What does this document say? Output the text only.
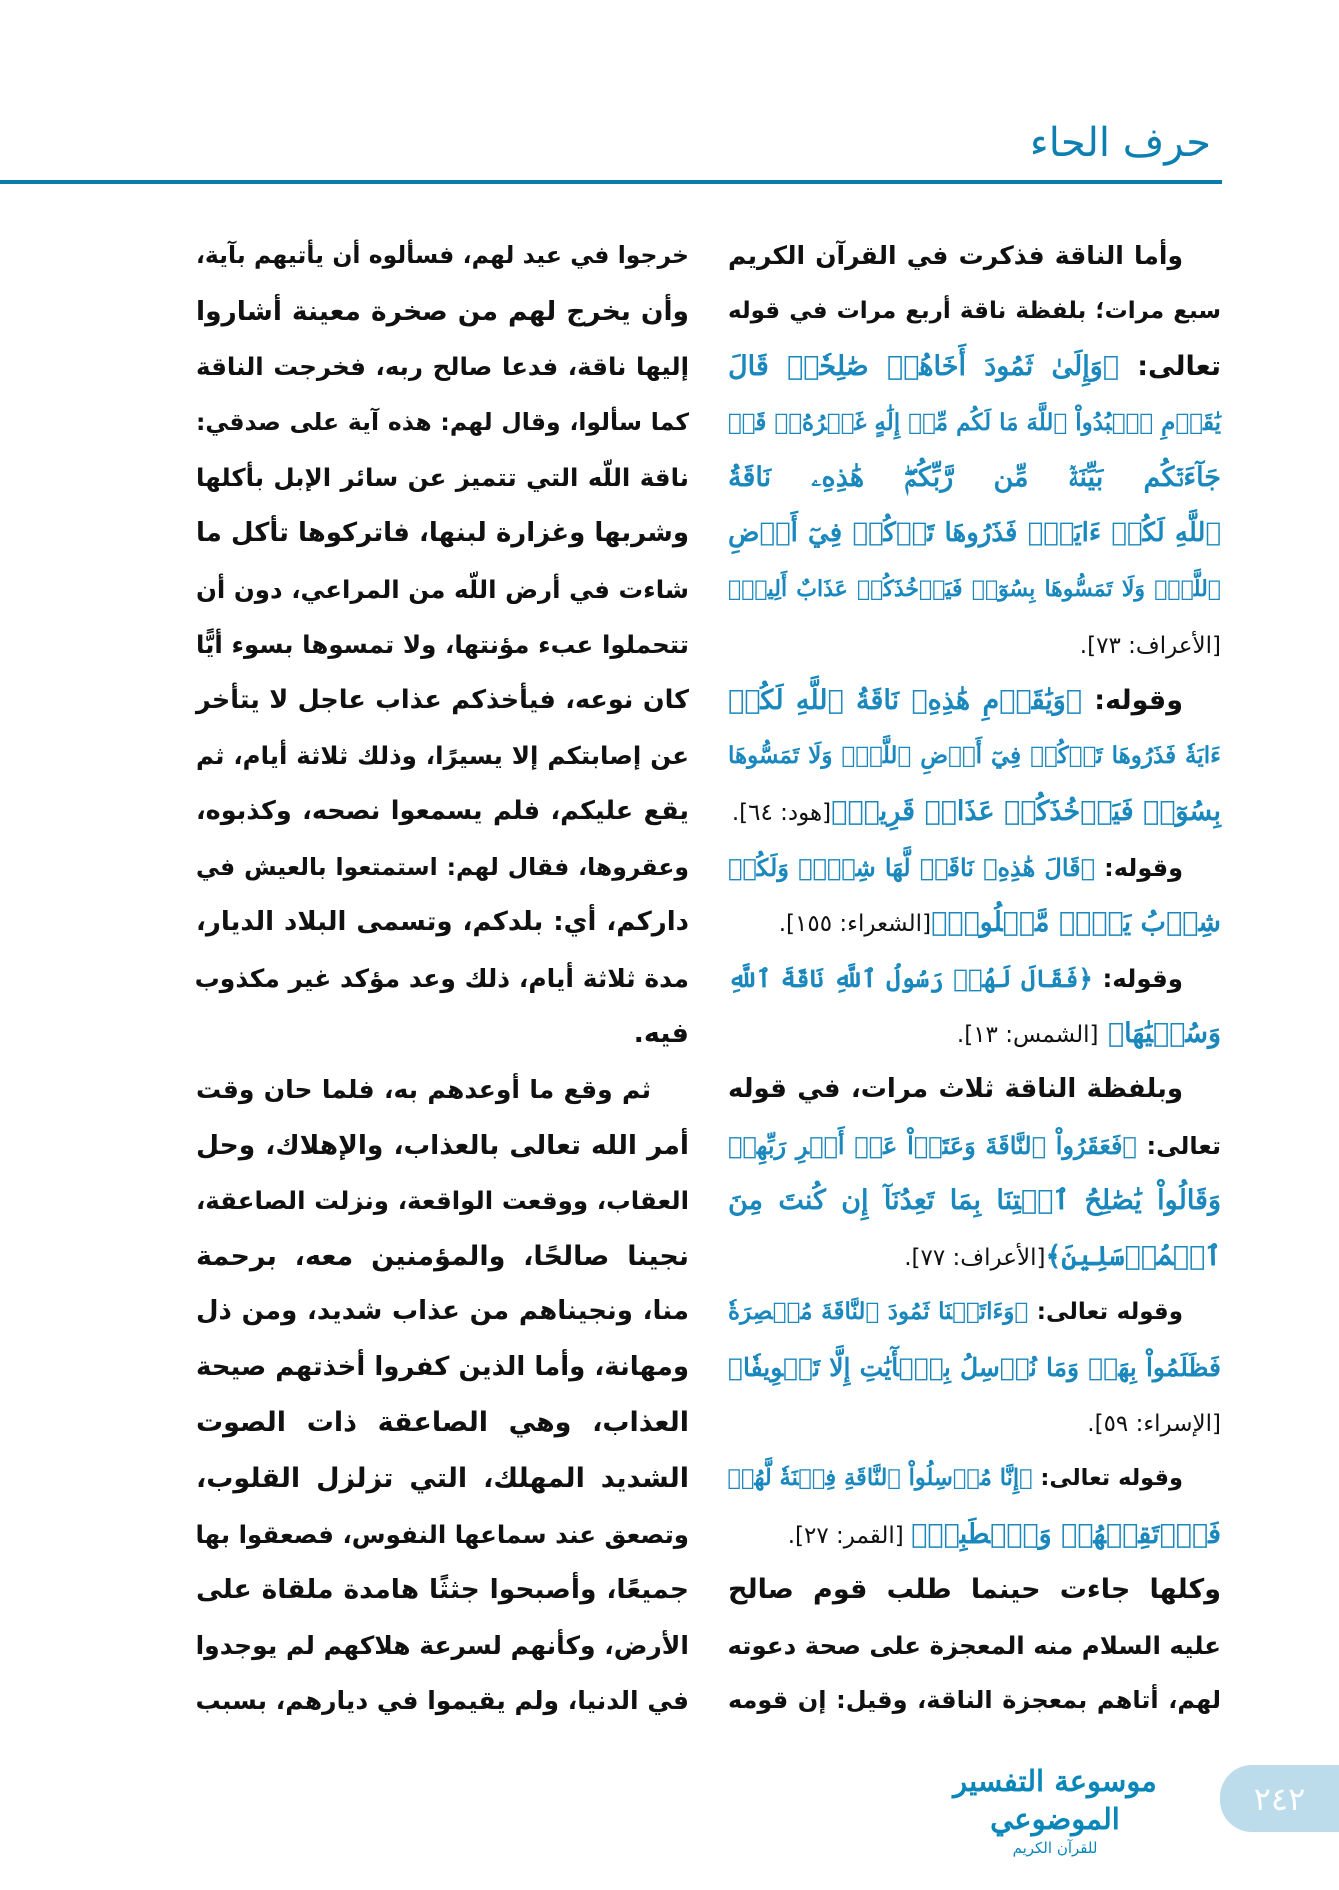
حرف الحاء
وأما الناقة فذكرت في القرآن الكريم
سبع مرات؛ بلفظة ناقة أربع مرات في قوله
تعالى: ﴿وَإِلَىٰ ثَمُودَ أَخَاهُمۡ صَٰلِحٗاۚ قَالَ
يَٰقَوۡمِ ٱعۡبُدُواْ ٱللَّهَ مَا لَكُم مِّنۡ إِلَٰهٍ غَيۡرُهُۥۖ قَدۡ
جَآءَتۡكُم بَيِّنَةٞ مِّن رَّبِّكُمۡۖ هَٰذِهِۦ نَاقَةُ
ٱللَّهِ لَكُمۡ ءَايَةٗۖ فَذَرُوهَا تَأۡكُلۡ فِيٓ أَرۡضِ
ٱللَّهِۖ وَلَا تَمَسُّوهَا بِسُوٓءٖ فَيَأۡخُذَكُمۡ عَذَابٌ أَلِيمٞ﴾
[الأعراف: ٧٣].
وقوله: ﴿وَيَٰقَوۡمِ هَٰذِهِۦ نَاقَةُ ٱللَّهِ لَكُمۡ
ءَايَةٗ فَذَرُوهَا تَأۡكُلۡ فِيٓ أَرۡضِ ٱللَّهِۖ وَلَا تَمَسُّوهَا
بِسُوٓءٖ فَيَأۡخُذَكُمۡ عَذَابٞ قَرِيبٞ﴾[هود: ٦٤].
وقوله: ﴿قَالَ هَٰذِهِۦ نَاقَةٞ لَّهَا شِرۡبٞ وَلَكُمۡ
شِرۡبُ يَوۡمٖ مَّعۡلُومٖ﴾[الشعراء: ١٥٥].
وقوله: ﴿فَقَالَ لَهُمۡ رَسُولُ ٱللَّهِ نَاقَةَ ٱللَّهِ
وَسُقۡيَٰهَا﴾ [الشمس: ١٣].
وبلفظة الناقة ثلاث مرات، في قوله
تعالى: ﴿فَعَقَرُواْ ٱلنَّاقَةَ وَعَتَوۡاْ عَنۡ أَمۡرِ رَبِّهِمۡ
وَقَالُواْ يَٰصَٰلِحُ ٱئۡتِنَا بِمَا تَعِدُنَآ إِن كُنتَ مِنَ
ٱلۡمُرۡسَلِينَ﴾[الأعراف: ٧٧].
وقوله تعالى: ﴿وَءَاتَيۡنَا ثَمُودَ ٱلنَّاقَةَ مُبۡصِرَةٗ
فَظَلَمُواْ بِهَاۚ وَمَا نُرۡسِلُ بِٱلۡأٓيَٰتِ إِلَّا تَخۡوِيفٗا﴾
[الإسراء: ٥٩].
وقوله تعالى: ﴿إِنَّا مُرۡسِلُواْ ٱلنَّاقَةِ فِتۡنَةٗ لَّهُمۡ
فَٱرۡتَقِبۡهُمۡ وَٱصۡطَبِرۡ﴾ [القمر: ٢٧].
وكلها جاءت حينما طلب قوم صالح
عليه السلام منه المعجزة على صحة دعوته
لهم، أتاهم بمعجزة الناقة، وقيل: إن قومه
خرجوا في عيد لهم، فسألوه أن يأتيهم بآية،
وأن يخرج لهم من صخرة معينة أشاروا
إليها ناقة، فدعا صالح ربه، فخرجت الناقة
كما سألوا، وقال لهم: هذه آية على صدقي:
ناقة اللّه التي تتميز عن سائر الإبل بأكلها
وشربها وغزارة لبنها، فاتركوها تأكل ما
شاءت في أرض اللّه من المراعي، دون أن
تتحملوا عبء مؤنتها، ولا تمسوها بسوء أيًّا
كان نوعه، فيأخذكم عذاب عاجل لا يتأخر
عن إصابتكم إلا يسيرًا، وذلك ثلاثة أيام، ثم
يقع عليكم، فلم يسمعوا نصحه، وكذبوه،
وعقروها، فقال لهم: استمتعوا بالعيش في
داركم، أي: بلدكم، وتسمى البلاد الديار،
مدة ثلاثة أيام، ذلك وعد مؤكد غير مكذوب
فيه.
ثم وقع ما أوعدهم به، فلما حان وقت
أمر الله تعالى بالعذاب، والإهلاك، وحل
العقاب، ووقعت الواقعة، ونزلت الصاعقة،
نجينا صالحًا، والمؤمنين معه، برحمة
منا، ونجيناهم من عذاب شديد، ومن ذل
ومهانة، وأما الذين كفروا أخذتهم صيحة
العذاب، وهي الصاعقة ذات الصوت
الشديد المهلك، التي تزلزل القلوب،
وتصعق عند سماعها النفوس، فصعقوا بها
جميعًا، وأصبحوا جثثًا هامدة ملقاة على
الأرض، وكأنهم لسرعة هلاكهم لم يوجدوا
في الدنيا، ولم يقيموا في ديارهم، بسبب
موسوعة التفسير الموضوعي
للقرآن الكريم
٢٤٢
